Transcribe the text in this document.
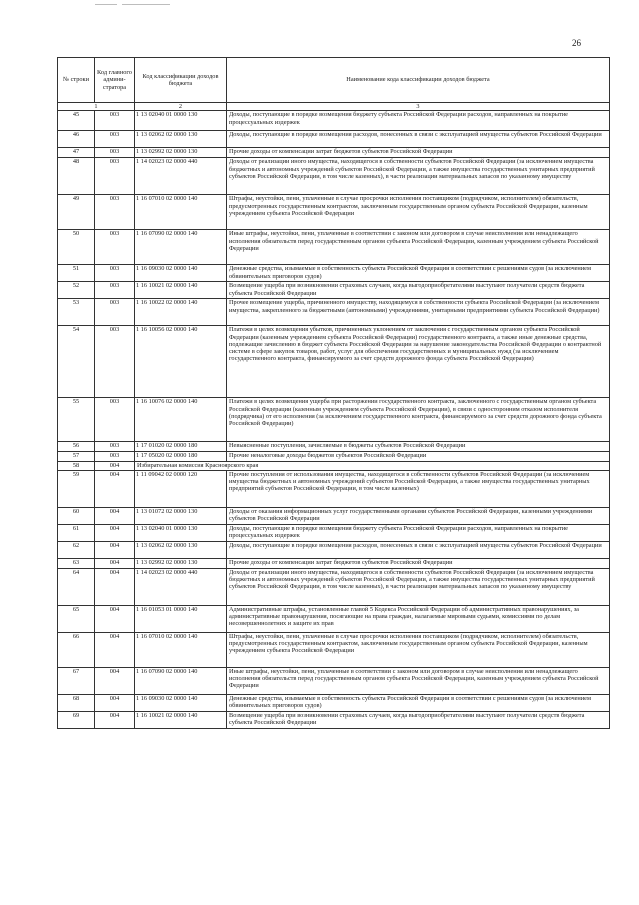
26
№ строки	Код главного админи-стратора	Код классификации доходов бюджета	Наименование кода классификации доходов бюджета
1		2	3
45	003	1 13 02040 01 0000 130	Доходы, поступающие в порядке возмещения бюджету субъекта Российской Федерации расходов, направленных на покрытие процессуальных издержек
46	003	1 13 02062 02 0000 130	Доходы, поступающие в порядке возмещения расходов, понесенных в связи с эксплуатацией имущества субъектов Российской Федерации
47	003	1 13 02992 02 0000 130	Прочие доходы от компенсации затрат бюджетов субъектов Российской Федерации
48	003	1 14 02023 02 0000 440	Доходы от реализации иного имущества, находящегося в собственности субъектов Российской Федерации (за исключением имущества бюджетных и автономных учреждений субъектов Российской Федерации, а также имущества государственных унитарных предприятий субъектов Российской Федерации, в том числе казенных), в части реализации материальных запасов по указанному имуществу
49	003	1 16 07010 02 0000 140	Штрафы, неустойки, пени, уплаченные в случае просрочки исполнения поставщиком (подрядчиком, исполнителем) обязательств, предусмотренных государственным контрактом, заключенным государственным органом субъекта Российской Федерации, казенным учреждением субъекта Российской Федерации
50	003	1 16 07090 02 0000 140	Иные штрафы, неустойки, пени, уплаченные в соответствии с законом или договором в случае неисполнения или ненадлежащего исполнения обязательств перед государственным органом субъекта Российской Федерации, казенным учреждением субъекта Российской Федерации
51	003	1 16 09030 02 0000 140	Денежные средства, изымаемые в собственность субъекта Российской Федерации в соответствии с решениями судов (за исключением обвинительных приговоров судов)
52	003	1 16 10021 02 0000 140	Возмещение ущерба при возникновении страховых случаев, когда выгодоприобретателями выступают получатели средств бюджета субъекта Российской Федерации
53	003	1 16 10022 02 0000 140	Прочее возмещение ущерба, причиненного имуществу, находящемуся в собственности субъекта Российской Федерации (за исключением имущества, закрепленного за бюджетными (автономными) учреждениями, унитарными предприятиями субъекта Российской Федерации)
54	003	1 16 10056 02 0000 140	Платежи в целях возмещения убытков, причиненных уклонением от заключения с государственным органом субъекта Российской Федерации (казенным учреждением субъекта Российской Федерации) государственного контракта, а также иные денежные средства, подлежащие зачислению в бюджет субъекта Российской Федерации за нарушение законодательства Российской Федерации о контрактной системе в сфере закупок товаров, работ, услуг для обеспечения государственных и муниципальных нужд (за исключением государственного контракта, финансируемого за счет средств дорожного фонда субъекта Российской Федерации)
55	003	1 16 10076 02 0000 140	Платежи в целях возмещения ущерба при расторжении государственного контракта, заключенного с государственным органом субъекта Российской Федерации (казенным учреждением субъекта Российской Федерации), в связи с односторонним отказом исполнителя (подрядчика) от его исполнения (за исключением государственного контракта, финансируемого за счет средств дорожного фонда субъекта Российской Федерации)
56	003	1 17 01020 02 0000 180	Невыясненные поступления, зачисляемые в бюджеты субъектов Российской Федерации
57	003	1 17 05020 02 0000 180	Прочие неналоговые доходы бюджетов субъектов Российской Федерации
58	004	Избирательная комиссия Красноярского края	
59	004	1 11 09042 02 0000 120	Прочие поступления от использования имущества, находящегося в собственности субъектов Российской Федерации (за исключением имущества бюджетных и автономных учреждений субъектов Российской Федерации, а также имущества государственных унитарных предприятий субъектов Российской Федерации, в том числе казенных)
60	004	1 13 01072 02 0000 130	Доходы от оказания информационных услуг государственными органами субъектов Российской Федерации, казенными учреждениями субъектов Российской Федерации
61	004	1 13 02040 01 0000 130	Доходы, поступающие в порядке возмещения бюджету субъекта Российской Федерации расходов, направленных на покрытие процессуальных издержек
62	004	1 13 02062 02 0000 130	Доходы, поступающие в порядке возмещения расходов, понесенных в связи с эксплуатацией имущества субъектов Российской Федерации
63	004	1 13 02992 02 0000 130	Прочие доходы от компенсации затрат бюджетов субъектов Российской Федерации
64	004	1 14 02023 02 0000 440	Доходы от реализации иного имущества, находящегося в собственности субъектов Российской Федерации (за исключением имущества бюджетных и автономных учреждений субъектов Российской Федерации, а также имущества государственных унитарных предприятий субъектов Российской Федерации, в том числе казенных), в части реализации материальных запасов по указанному имуществу
65	004	1 16 01053 01 0000 140	Административные штрафы, установленные главой 5 Кодекса Российской Федерации об административных правонарушениях, за административные правонарушения, посягающие на права граждан, налагаемые мировыми судьями, комиссиями по делам несовершеннолетних и защите их прав
66	004	1 16 07010 02 0000 140	Штрафы, неустойки, пени, уплаченные в случае просрочки исполнения поставщиком (подрядчиком, исполнителем) обязательств, предусмотренных государственным контрактом, заключенным государственным органом субъекта Российской Федерации, казенным учреждением субъекта Российской Федерации
67	004	1 16 07090 02 0000 140	Иные штрафы, неустойки, пени, уплаченные в соответствии с законом или договором в случае неисполнения или ненадлежащего исполнения обязательств перед государственным органом субъекта Российской Федерации, казенным учреждением субъекта Российской Федерации
68	004	1 16 09030 02 0000 140	Денежные средства, изымаемые в собственность субъекта Российской Федерации в соответствии с решениями судов (за исключением обвинительных приговоров судов)
69	004	1 16 10021 02 0000 140	Возмещение ущерба при возникновении страховых случаев, когда выгодоприобретателями выступают получатели средств бюджета субъекта Российской Федерации
